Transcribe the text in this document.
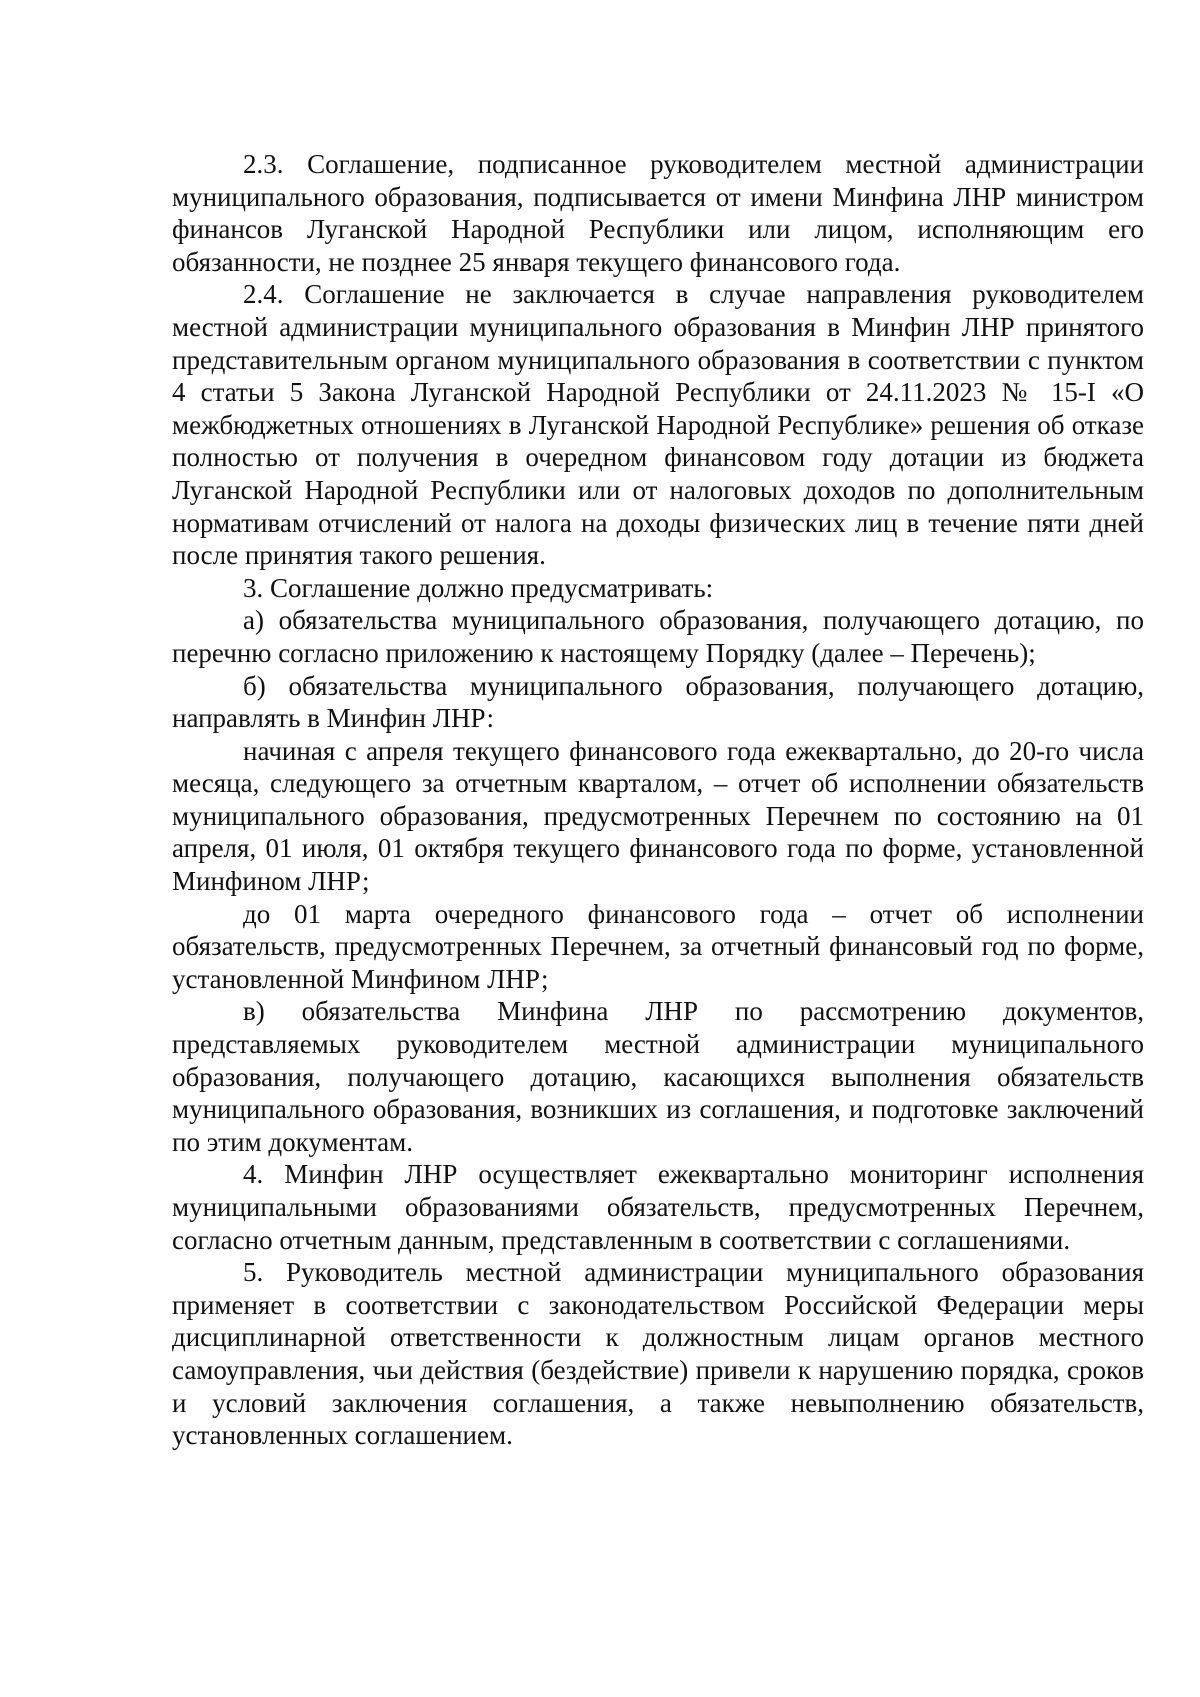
2.3. Соглашение, подписанное руководителем местной администрации муниципального образования, подписывается от имени Минфина ЛНР министром финансов Луганской Народной Республики или лицом, исполняющим его обязанности, не позднее 25 января текущего финансового года.

2.4. Соглашение не заключается в случае направления руководителем местной администрации муниципального образования в Минфин ЛНР принятого представительным органом муниципального образования в соответствии с пунктом 4 статьи 5 Закона Луганской Народной Республики от 24.11.2023 № 15-I «О межбюджетных отношениях в Луганской Народной Республике» решения об отказе полностью от получения в очередном финансовом году дотации из бюджета Луганской Народной Республики или от налоговых доходов по дополнительным нормативам отчислений от налога на доходы физических лиц в течение пяти дней после принятия такого решения.

3. Соглашение должно предусматривать:

а) обязательства муниципального образования, получающего дотацию, по перечню согласно приложению к настоящему Порядку (далее – Перечень);

б) обязательства муниципального образования, получающего дотацию, направлять в Минфин ЛНР:

начиная с апреля текущего финансового года ежеквартально, до 20-го числа месяца, следующего за отчетным кварталом, – отчет об исполнении обязательств муниципального образования, предусмотренных Перечнем по состоянию на 01 апреля, 01 июля, 01 октября текущего финансового года по форме, установленной Минфином ЛНР;

до 01 марта очередного финансового года – отчет об исполнении обязательств, предусмотренных Перечнем, за отчетный финансовый год по форме, установленной Минфином ЛНР;

в) обязательства Минфина ЛНР по рассмотрению документов, представляемых руководителем местной администрации муниципального образования, получающего дотацию, касающихся выполнения обязательств муниципального образования, возникших из соглашения, и подготовке заключений по этим документам.

4. Минфин ЛНР осуществляет ежеквартально мониторинг исполнения муниципальными образованиями обязательств, предусмотренных Перечнем, согласно отчетным данным, представленным в соответствии с соглашениями.

5. Руководитель местной администрации муниципального образования применяет в соответствии с законодательством Российской Федерации меры дисциплинарной ответственности к должностным лицам органов местного самоуправления, чьи действия (бездействие) привели к нарушению порядка, сроков и условий заключения соглашения, а также невыполнению обязательств, установленных соглашением.
